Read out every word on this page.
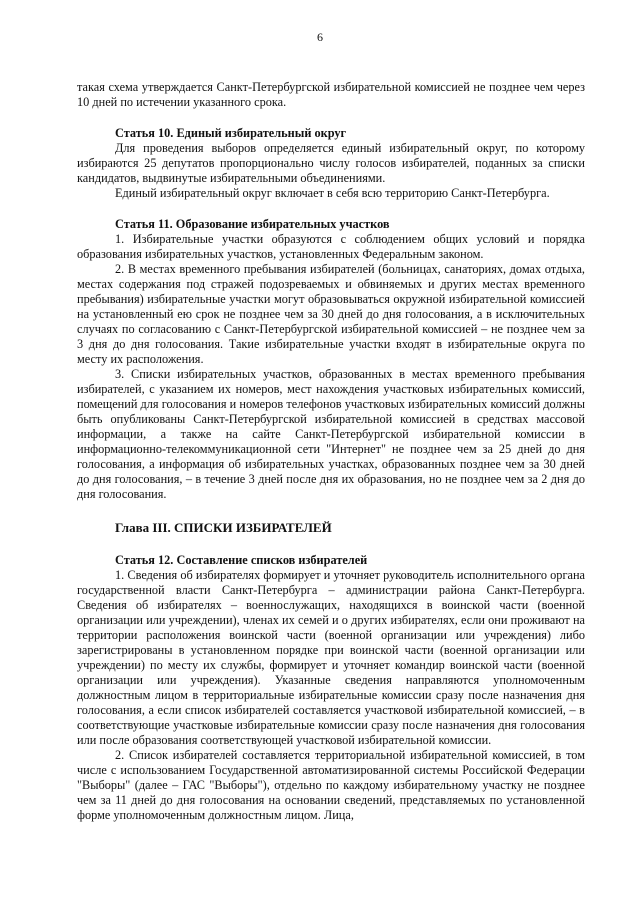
6

такая схема утверждается Санкт-Петербургской избирательной комиссией не позднее чем через 10 дней по истечении указанного срока.

Статья 10. Единый избирательный округ

Для проведения выборов определяется единый избирательный округ, по которому избираются 25 депутатов пропорционально числу голосов избирателей, поданных за списки кандидатов, выдвинутые избирательными объединениями.

Единый избирательный округ включает в себя всю территорию Санкт-Петербурга.

Статья 11. Образование избирательных участков

1. Избирательные участки образуются с соблюдением общих условий и порядка образования избирательных участков, установленных Федеральным законом.

2. В местах временного пребывания избирателей (больницах, санаториях, домах отдыха, местах содержания под стражей подозреваемых и обвиняемых и других местах временного пребывания) избирательные участки могут образовываться окружной избирательной комиссией на установленный ею срок не позднее чем за 30 дней до дня голосования, а в исключительных случаях по согласованию с Санкт-Петербургской избирательной комиссией – не позднее чем за 3 дня до дня голосования. Такие избирательные участки входят в избирательные округа по месту их расположения.

3. Списки избирательных участков, образованных в местах временного пребывания избирателей, с указанием их номеров, мест нахождения участковых избирательных комиссий, помещений для голосования и номеров телефонов участковых избирательных комиссий должны быть опубликованы Санкт-Петербургской избирательной комиссией в средствах массовой информации, а также на сайте Санкт-Петербургской избирательной комиссии в информационно-телекоммуникационной сети "Интернет" не позднее чем за 25 дней до дня голосования, а информация об избирательных участках, образованных позднее чем за 30 дней до дня голосования, – в течение 3 дней после дня их образования, но не позднее чем за 2 дня до дня голосования.

Глава III. СПИСКИ ИЗБИРАТЕЛЕЙ

Статья 12. Составление списков избирателей

1. Сведения об избирателях формирует и уточняет руководитель исполнительного органа государственной власти Санкт-Петербурга – администрации района Санкт-Петербурга. Сведения об избирателях – военнослужащих, находящихся в воинской части (военной организации или учреждении), членах их семей и о других избирателях, если они проживают на территории расположения воинской части (военной организации или учреждения) либо зарегистрированы в установленном порядке при воинской части (военной организации или учреждении) по месту их службы, формирует и уточняет командир воинской части (военной организации или учреждения). Указанные сведения направляются уполномоченным должностным лицом в территориальные избирательные комиссии сразу после назначения дня голосования, а если список избирателей составляется участковой избирательной комиссией, – в соответствующие участковые избирательные комиссии сразу после назначения дня голосования или после образования соответствующей участковой избирательной комиссии.

2. Список избирателей составляется территориальной избирательной комиссией, в том числе с использованием Государственной автоматизированной системы Российской Федерации "Выборы" (далее – ГАС "Выборы"), отдельно по каждому избирательному участку не позднее чем за 11 дней до дня голосования на основании сведений, представляемых по установленной форме уполномоченным должностным лицом. Лица,
